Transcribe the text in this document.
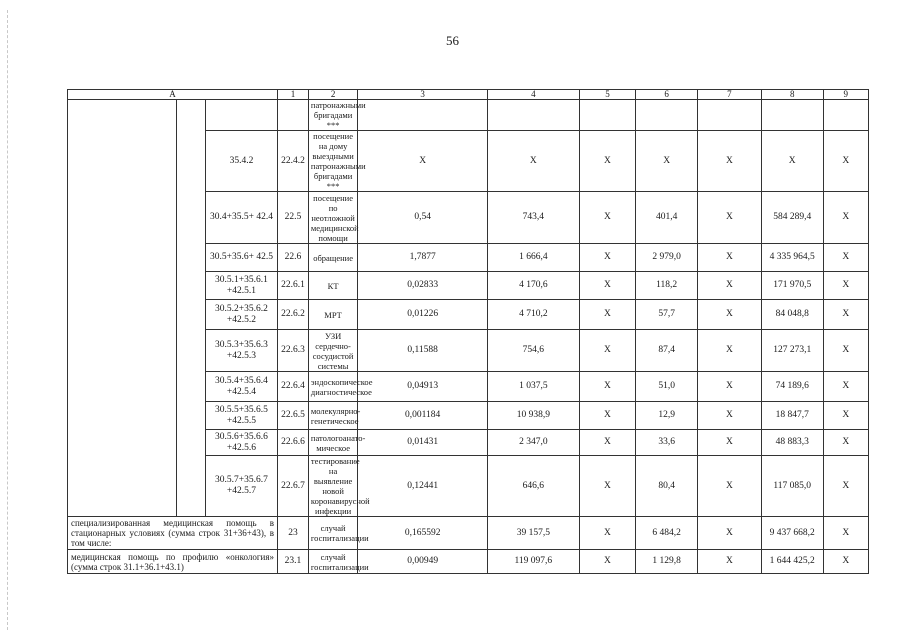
56
А			1	2	3	4	5	6	7	8	9
				патронажными бригадами ***							
		35.4.2	22.4.2	посещение на дому выездными патронажными бригадами ***	X	X	X	X	X	X	X
		30.4+35.5+ 42.4	22.5	посещение по неотложной медицинской помощи	0,54	743,4	X	401,4	X	584 289,4	X
		30.5+35.6+ 42.5	22.6	обращение	1,7877	1 666,4	X	2 979,0	X	4 335 964,5	X
		30.5.1+35.6.1 +42.5.1	22.6.1	КТ	0,02833	4 170,6	X	118,2	X	171 970,5	X
		30.5.2+35.6.2 +42.5.2	22.6.2	МРТ	0,01226	4 710,2	X	57,7	X	84 048,8	X
		30.5.3+35.6.3 +42.5.3	22.6.3	УЗИ сердечно-сосудистой системы	0,11588	754,6	X	87,4	X	127 273,1	X
		30.5.4+35.6.4 +42.5.4	22.6.4	эндоскопическое диагностическое	0,04913	1 037,5	X	51,0	X	74 189,6	X
		30.5.5+35.6.5 +42.5.5	22.6.5	молекулярно-генетическое	0,001184	10 938,9	X	12,9	X	18 847,7	X
		30.5.6+35.6.6 +42.5.6	22.6.6	патологоанато-мическое	0,01431	2 347,0	X	33,6	X	48 883,3	X
		30.5.7+35.6.7 +42.5.7	22.6.7	тестирование на выявление новой коронавирусной инфекции	0,12441	646,6	X	80,4	X	117 085,0	X
специализированная медицинская помощь в стационарных условиях (сумма строк 31+36+43), в том числе:			23	случай госпитализации	0,165592	39 157,5	X	6 484,2	X	9 437 668,2	X
медицинская помощь по профилю «онкология» (сумма строк 31.1+36.1+43.1)			23.1	случай госпитализации	0,00949	119 097,6	X	1 129,8	X	1 644 425,2	X
